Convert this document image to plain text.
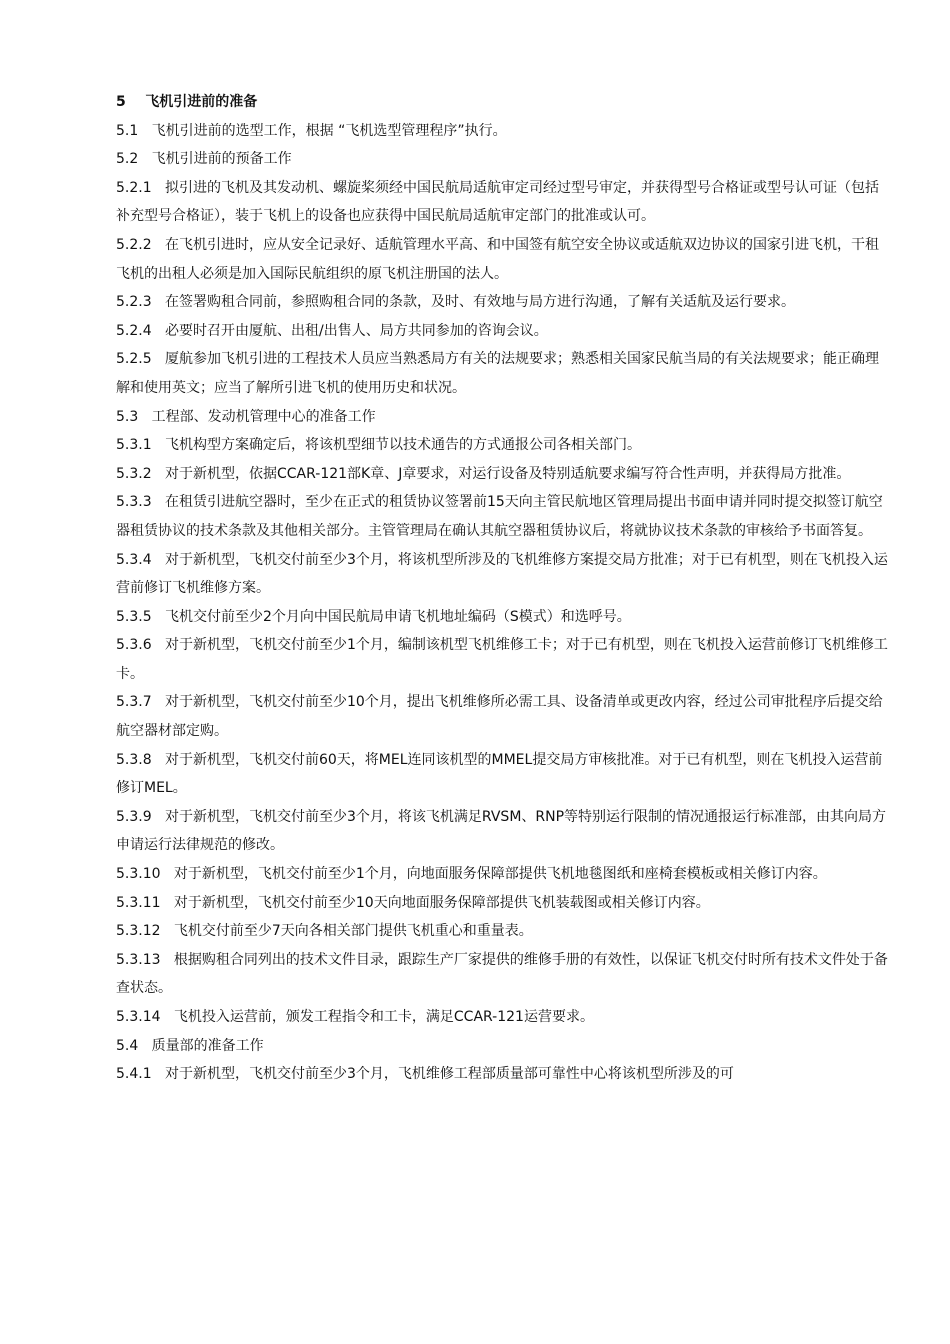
5 飞机引进前的准备

5.1 飞机引进前的选型工作，根据 “飞机选型管理程序”执行。

5.2 飞机引进前的预备工作

5.2.1 拟引进的飞机及其发动机、螺旋桨须经中国民航局适航审定司经过型号审定，并获得型号合格证或型号认可证（包括补充型号合格证），装于飞机上的设备也应获得中国民航局适航审定部门的批准或认可。

5.2.2 在飞机引进时，应从安全记录好、适航管理水平高、和中国签有航空安全协议或适航双边协议的国家引进飞机，干租飞机的出租人必须是加入国际民航组织的原飞机注册国的法人。

5.2.3 在签署购租合同前，参照购租合同的条款，及时、有效地与局方进行沟通，了解有关适航及运行要求。

5.2.4 必要时召开由厦航、出租/出售人、局方共同参加的咨询会议。

5.2.5 厦航参加飞机引进的工程技术人员应当熟悉局方有关的法规要求；熟悉相关国家民航当局的有关法规要求；能正确理解和使用英文；应当了解所引进飞机的使用历史和状况。

5.3 工程部、发动机管理中心的准备工作

5.3.1 飞机构型方案确定后，将该机型细节以技术通告的方式通报公司各相关部门。

5.3.2 对于新机型，依据CCAR-121部K章、J章要求，对运行设备及特别适航要求编写符合性声明，并获得局方批准。

5.3.3 在租赁引进航空器时，至少在正式的租赁协议签署前15天向主管民航地区管理局提出书面申请并同时提交拟签订航空器租赁协议的技术条款及其他相关部分。主管管理局在确认其航空器租赁协议后，将就协议技术条款的审核给予书面答复。

5.3.4 对于新机型，飞机交付前至少3个月，将该机型所涉及的飞机维修方案提交局方批准；对于已有机型，则在飞机投入运营前修订飞机维修方案。

5.3.5 飞机交付前至少2个月向中国民航局申请飞机地址编码（S模式）和选呼号。

5.3.6 对于新机型，飞机交付前至少1个月，编制该机型飞机维修工卡；对于已有机型，则在飞机投入运营前修订飞机维修工卡。

5.3.7 对于新机型，飞机交付前至少10个月，提出飞机维修所必需工具、设备清单或更改内容，经过公司审批程序后提交给航空器材部定购。

5.3.8 对于新机型，飞机交付前60天，将MEL连同该机型的MMEL提交局方审核批准。对于已有机型，则在飞机投入运营前修订MEL。

5.3.9 对于新机型，飞机交付前至少3个月，将该飞机满足RVSM、RNP等特别运行限制的情况通报运行标准部，由其向局方申请运行法律规范的修改。

5.3.10 对于新机型，飞机交付前至少1个月，向地面服务保障部提供飞机地毯图纸和座椅套模板或相关修订内容。

5.3.11 对于新机型，飞机交付前至少10天向地面服务保障部提供飞机装载图或相关修订内容。

5.3.12 飞机交付前至少7天向各相关部门提供飞机重心和重量表。

5.3.13 根据购租合同列出的技术文件目录，跟踪生产厂家提供的维修手册的有效性，以保证飞机交付时所有技术文件处于备查状态。

5.3.14 飞机投入运营前，颁发工程指令和工卡，满足CCAR-121运营要求。

5.4 质量部的准备工作

5.4.1 对于新机型，飞机交付前至少3个月，飞机维修工程部质量部可靠性中心将该机型所涉及的可
